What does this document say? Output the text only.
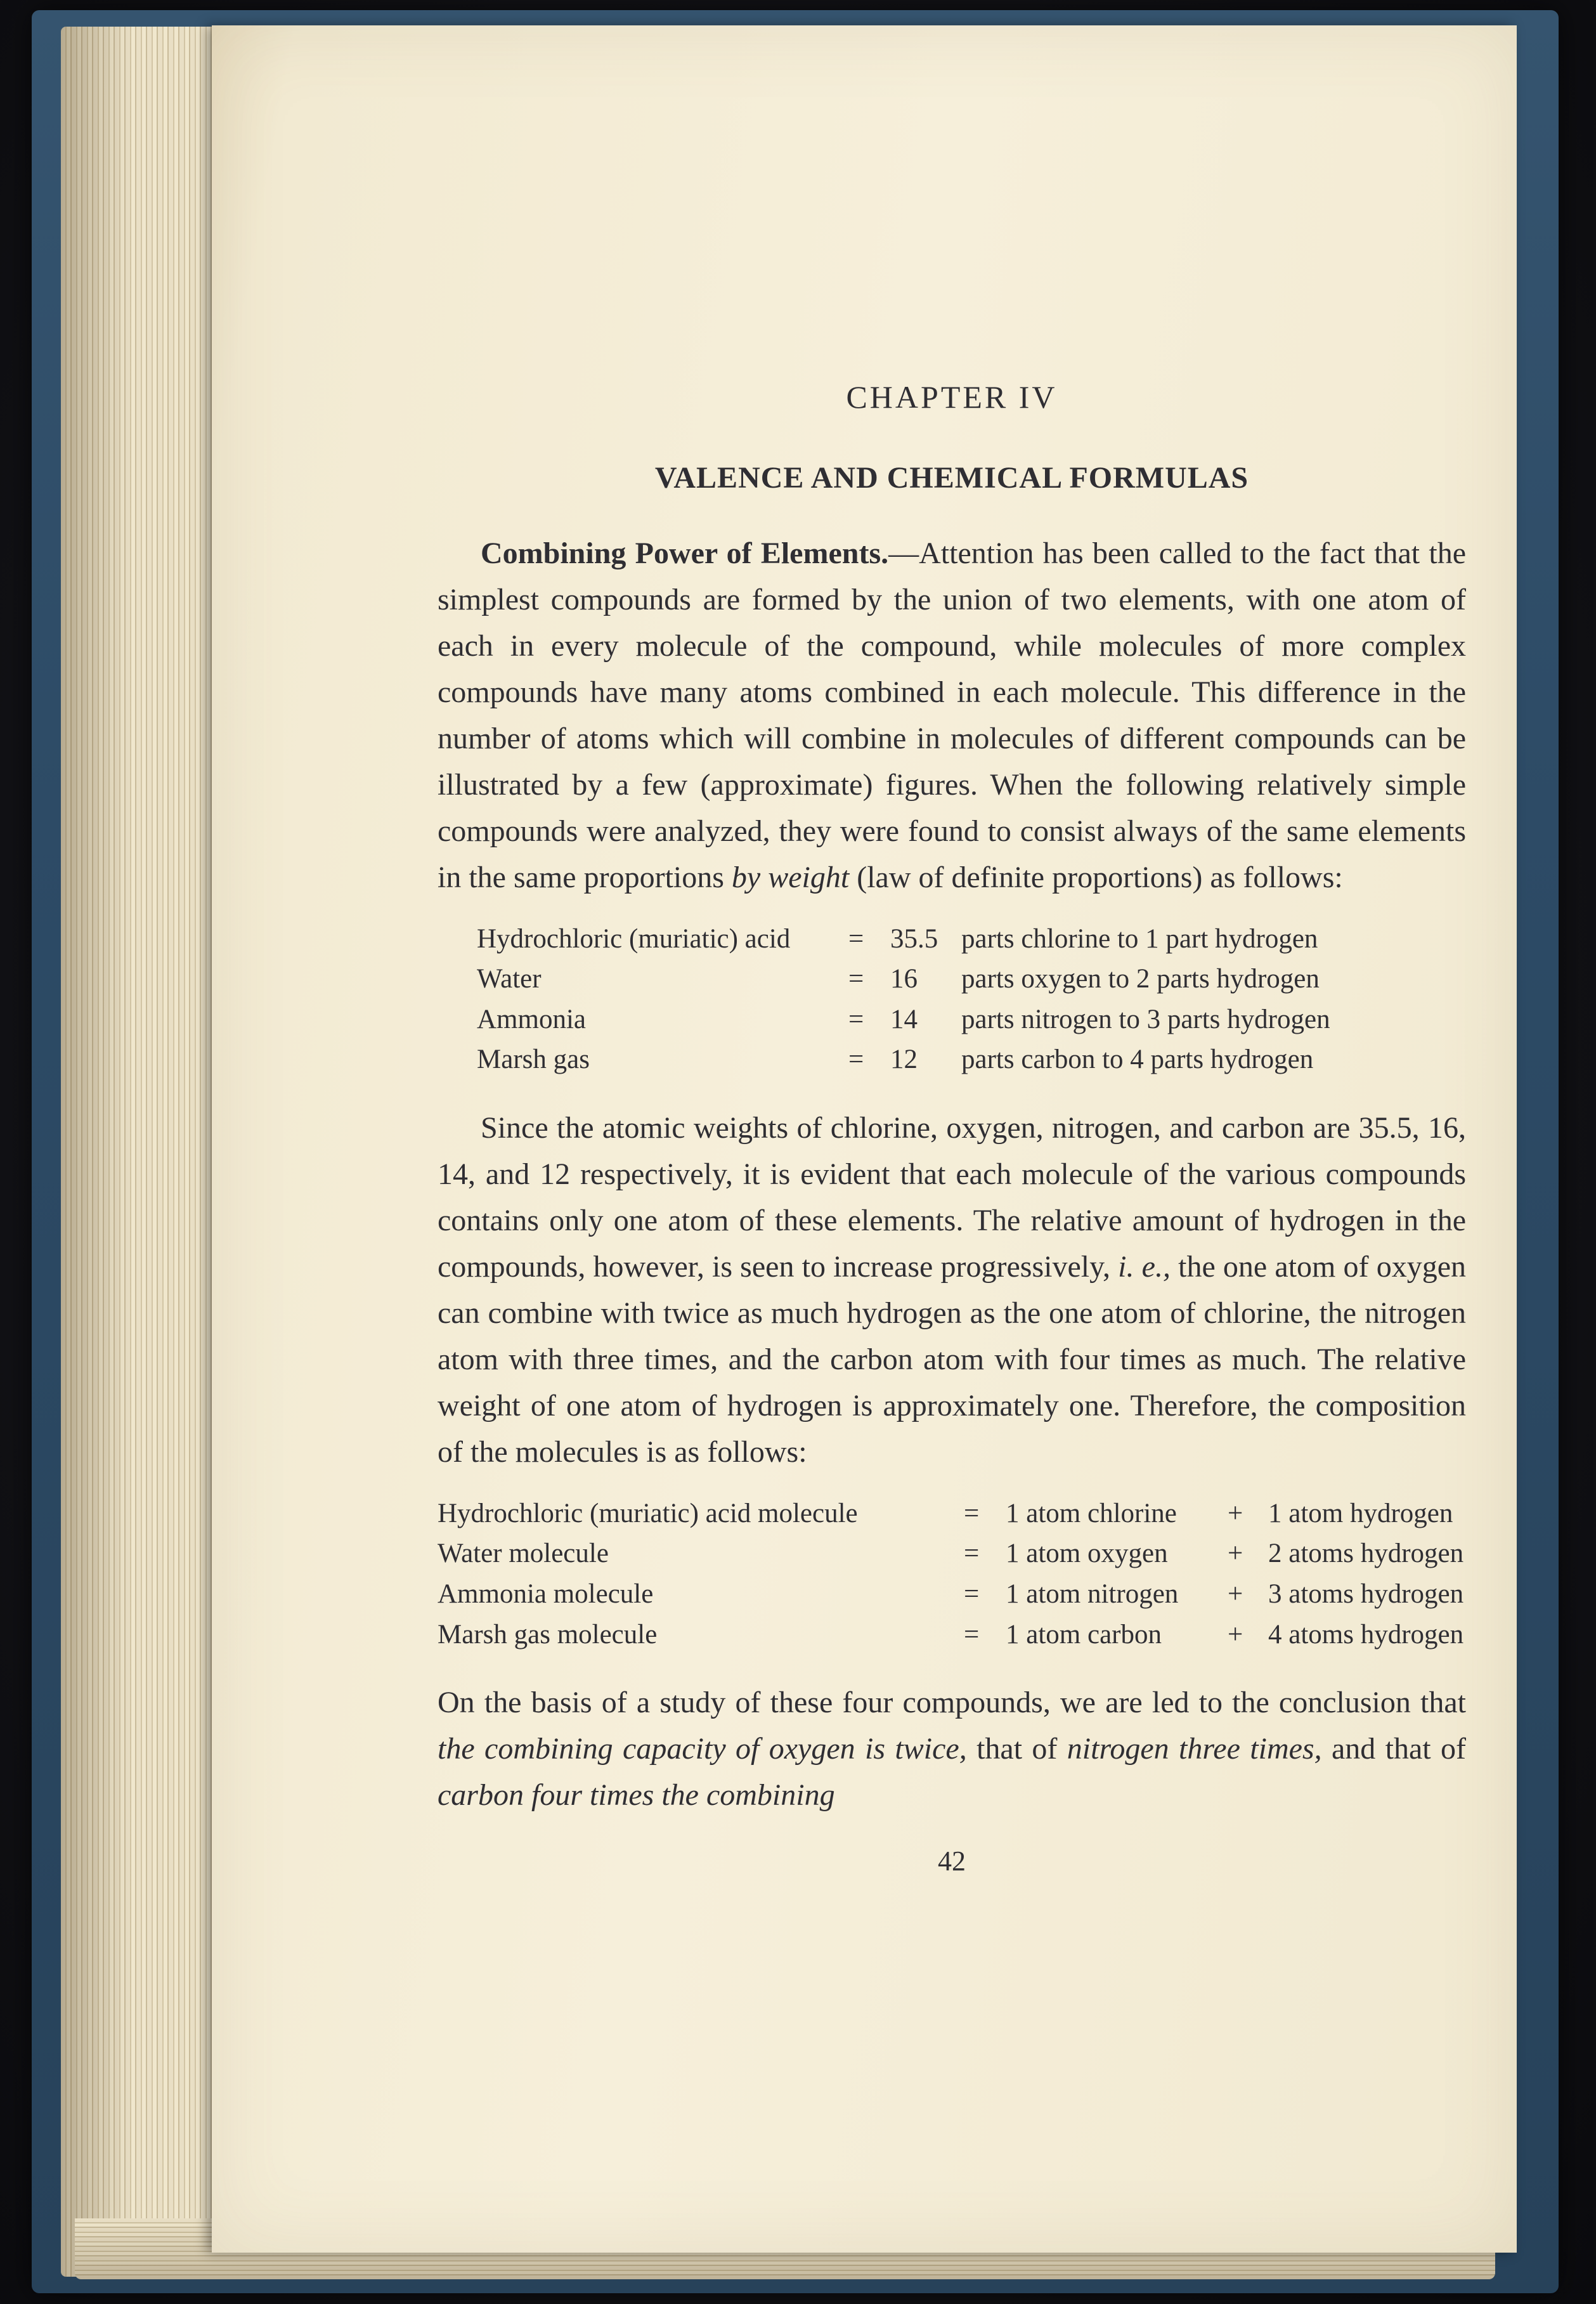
CHAPTER IV
VALENCE AND CHEMICAL FORMULAS

Combining Power of Elements.—Attention has been called to the fact that the simplest compounds are formed by the union of two elements, with one atom of each in every molecule of the compound, while molecules of more complex compounds have many atoms combined in each molecule. This difference in the number of atoms which will combine in molecules of different compounds can be illustrated by a few (approximate) figures. When the following relatively simple compounds were analyzed, they were found to consist always of the same elements in the same proportions by weight (law of definite proportions) as follows:

Hydrochloric (muriatic) acid	= 35.5 parts chlorine to 1 part hydrogen
Water	= 16	parts oxygen to 2 parts hydrogen
Ammonia	= 14	parts nitrogen to 3 parts hydrogen
Marsh gas	= 12	parts carbon to 4 parts hydrogen

Since the atomic weights of chlorine, oxygen, nitrogen, and carbon are 35.5, 16, 14, and 12 respectively, it is evident that each molecule of the various compounds contains only one atom of these elements. The relative amount of hydrogen in the compounds, however, is seen to increase progressively, i. e., the one atom of oxygen can combine with twice as much hydrogen as the one atom of chlorine, the nitrogen atom with three times, and the carbon atom with four times as much. The relative weight of one atom of hydrogen is approximately one. Therefore, the composition of the molecules is as follows:

Hydrochloric (muriatic) acid molecule	= 1 atom chlorine	+ 1 atom hydrogen
Water molecule	= 1 atom oxygen	+ 2 atoms hydrogen
Ammonia molecule	= 1 atom nitrogen	+ 3 atoms hydrogen
Marsh gas molecule	= 1 atom carbon	+ 4 atoms hydrogen

On the basis of a study of these four compounds, we are led to the conclusion that the combining capacity of oxygen is twice, that of nitrogen three times, and that of carbon four times the combining

42
